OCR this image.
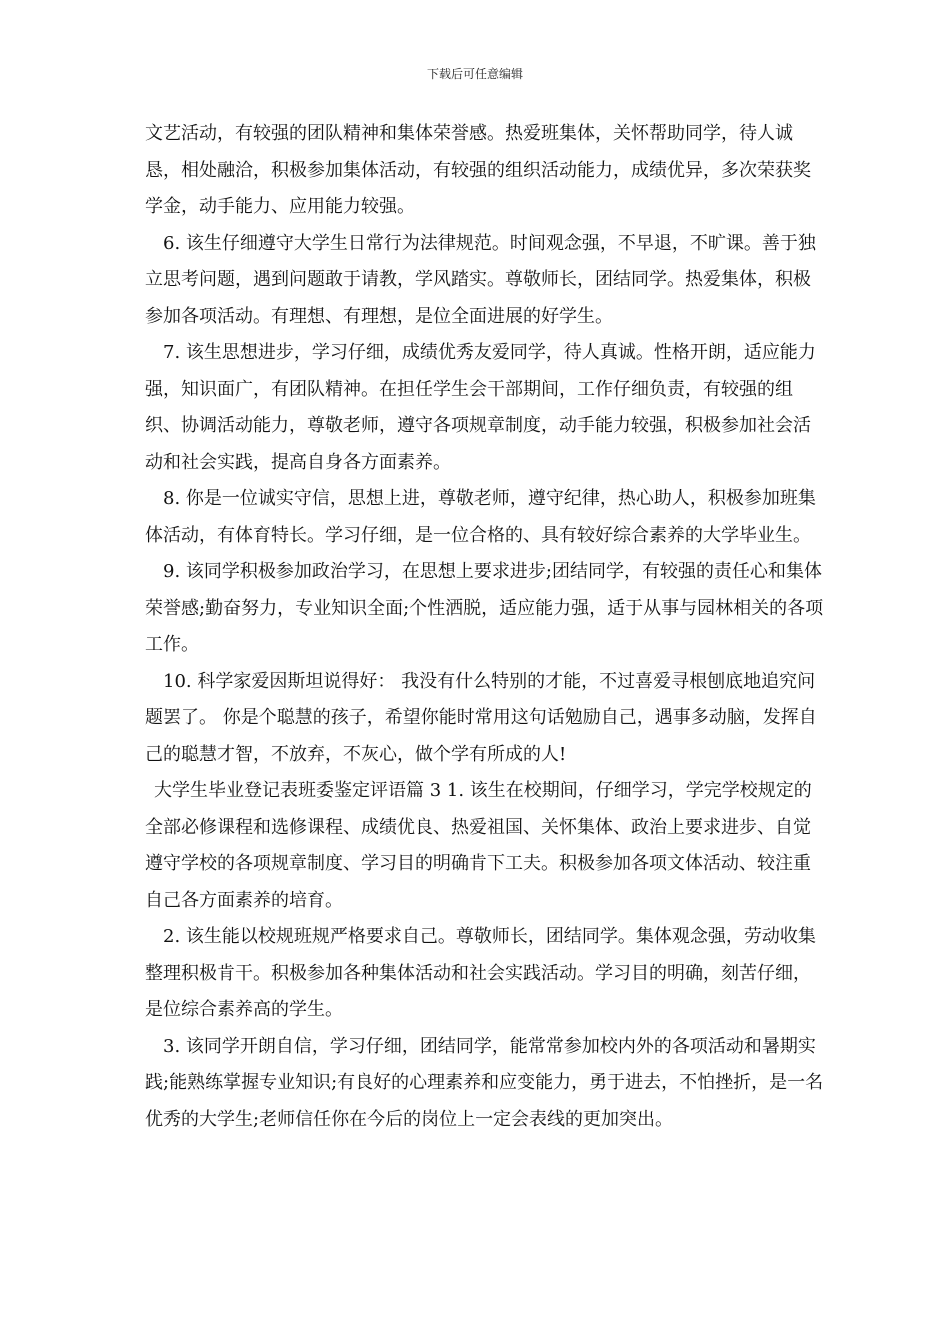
下载后可任意编辑

文艺活动，有较强的团队精神和集体荣誉感。热爱班集体，关怀帮助同学，待人诚恳，相处融洽，积极参加集体活动，有较强的组织活动能力，成绩优异，多次荣获奖学金，动手能力、应用能力较强。

6. 该生仔细遵守大学生日常行为法律规范。时间观念强，不早退，不旷课。善于独立思考问题，遇到问题敢于请教，学风踏实。尊敬师长，团结同学。热爱集体，积极参加各项活动。有理想、有理想，是位全面进展的好学生。

7. 该生思想进步，学习仔细，成绩优秀友爱同学，待人真诚。性格开朗，适应能力强，知识面广，有团队精神。在担任学生会干部期间，工作仔细负责，有较强的组织、协调活动能力，尊敬老师，遵守各项规章制度，动手能力较强，积极参加社会活动和社会实践，提高自身各方面素养。

8. 你是一位诚实守信，思想上进，尊敬老师，遵守纪律，热心助人，积极参加班集体活动，有体育特长。学习仔细，是一位合格的、具有较好综合素养的大学毕业生。

9. 该同学积极参加政治学习，在思想上要求进步;团结同学，有较强的责任心和集体荣誉感;勤奋努力，专业知识全面;个性洒脱，适应能力强，适于从事与园林相关的各项工作。

10. 科学家爱因斯坦说得好： 我没有什么特别的才能，不过喜爱寻根刨底地追究问题罢了。 你是个聪慧的孩子，希望你能时常用这句话勉励自己，遇事多动脑，发挥自己的聪慧才智，不放弃，不灰心，做个学有所成的人!

大学生毕业登记表班委鉴定评语篇 3 1. 该生在校期间，仔细学习，学完学校规定的全部必修课程和选修课程、成绩优良、热爱祖国、关怀集体、政治上要求进步、自觉遵守学校的各项规章制度、学习目的明确肯下工夫。积极参加各项文体活动、较注重自己各方面素养的培育。

2. 该生能以校规班规严格要求自己。尊敬师长，团结同学。集体观念强，劳动收集整理积极肯干。积极参加各种集体活动和社会实践活动。学习目的明确，刻苦仔细，是位综合素养高的学生。

3. 该同学开朗自信，学习仔细，团结同学，能常常参加校内外的各项活动和暑期实践;能熟练掌握专业知识;有良好的心理素养和应变能力，勇于进去，不怕挫折，是一名优秀的大学生;老师信任你在今后的岗位上一定会表线的更加突出。
